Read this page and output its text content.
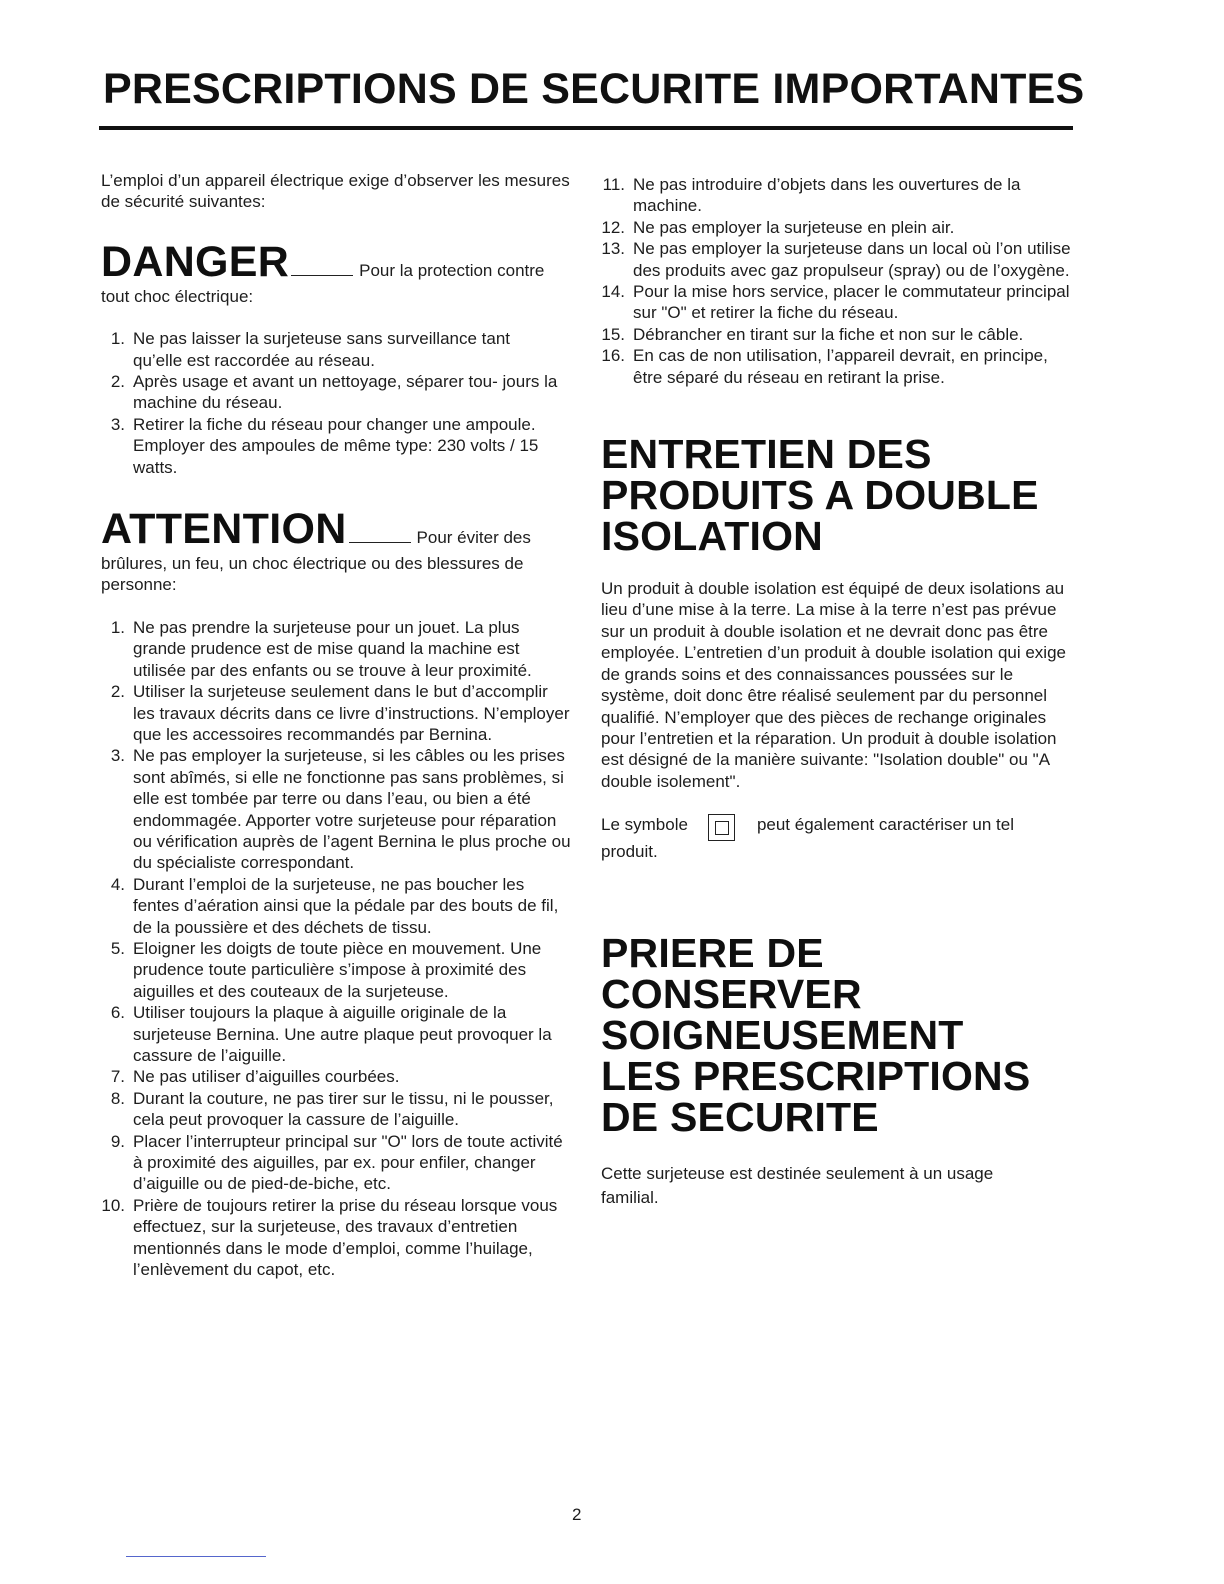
PRESCRIPTIONS DE SECURITE IMPORTANTES
L’emploi d’un appareil électrique exige d’observer les mesures de sécurité suivantes:
DANGER	Pour la protection contre
tout choc électrique:
1. Ne pas laisser la surjeteuse sans surveillance tant qu’elle est raccordée au réseau.
2. Après usage et avant un nettoyage, séparer tou- jours la machine du réseau.
3. Retirer la fiche du réseau pour changer une ampoule. Employer des ampoules de même type: 230 volts / 15 watts.
ATTENTION	Pour éviter des
brûlures, un feu, un choc électrique ou des blessures de personne:
1. Ne pas prendre la surjeteuse pour un jouet. La plus grande prudence est de mise quand la machine est utilisée par des enfants ou se trouve à leur proximité.
2. Utiliser la surjeteuse seulement dans le but d’accomplir les travaux décrits dans ce livre d’instructions. N’employer que les accessoires recommandés par Bernina.
3. Ne pas employer la surjeteuse, si les câbles ou les prises sont abîmés, si elle ne fonctionne pas sans problèmes, si elle est tombée par terre ou dans l’eau, ou bien a été endommagée. Apporter votre surjeteuse pour réparation ou vérification auprès de l’agent Bernina le plus proche ou du spécialiste correspondant.
4. Durant l’emploi de la surjeteuse, ne pas boucher les fentes d’aération ainsi que la pédale par des bouts de fil, de la poussière et des déchets de tissu.
5. Eloigner les doigts de toute pièce en mouvement. Une prudence toute particulière s’impose à proximité des aiguilles et des couteaux de la surjeteuse.
6. Utiliser toujours la plaque à aiguille originale de la surjeteuse Bernina. Une autre plaque peut provoquer la cassure de l’aiguille.
7. Ne pas utiliser d’aiguilles courbées.
8. Durant la couture, ne pas tirer sur le tissu, ni le pousser, cela peut provoquer la cassure de l’aiguille.
9. Placer l’interrupteur principal sur "O" lors de toute activité à proximité des aiguilles, par ex. pour enfiler, changer d’aiguille ou de pied-de-biche, etc.
10. Prière de toujours retirer la prise du réseau lorsque vous effectuez, sur la surjeteuse, des travaux d’entretien mentionnés dans le mode d’emploi, comme l’huilage, l’enlèvement du capot, etc.
11. Ne pas introduire d’objets dans les ouvertures de la machine.
12. Ne pas employer la surjeteuse en plein air.
13. Ne pas employer la surjeteuse dans un local où l’on utilise des produits avec gaz propulseur (spray) ou de l’oxygène.
14. Pour la mise hors service, placer le commutateur principal sur "O" et retirer la fiche du réseau.
15. Débrancher en tirant sur la fiche et non sur le câble.
16. En cas de non utilisation, l’appareil devrait, en principe, être séparé du réseau en retirant la prise.
ENTRETIEN DES
PRODUITS A DOUBLE
ISOLATION
Un produit à double isolation est équipé de deux isolations au lieu d’une mise à la terre. La mise à la terre n’est pas prévue sur un produit à double isolation et ne devrait donc pas être employée. L’entretien d’un produit à double isolation qui exige de grands soins et des connaissances poussées sur le système, doit donc être réalisé seulement par du personnel qualifié. N’employer que des pièces de rechange originales pour l’entretien et la réparation. Un produit à double isolation est désigné de la manière suivante: "Isolation double" ou "A double isolement".
Le symbole	peut également caractériser un tel
produit.
PRIERE DE
CONSERVER
SOIGNEUSEMENT
LES PRESCRIPTIONS
DE SECURITE
Cette surjeteuse est destinée seulement à un usage familial.
2
